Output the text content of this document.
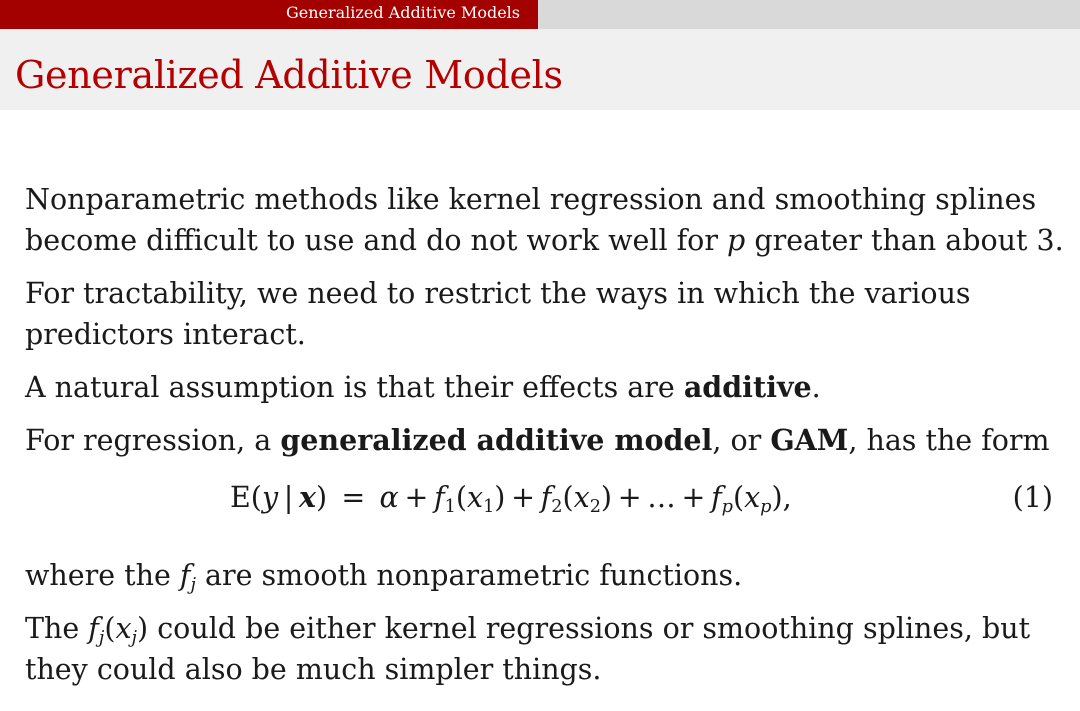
Generalized Additive Models
Generalized Additive Models

Nonparametric methods like kernel regression and smoothing splines

become difficult to use and do not work well for p greater than about 3.

For tractability, we need to restrict the ways in which the various

predictors interact.

A natural assumption is that their effects are additive.

For regression, a generalized additive model, or GAM, has the form

E(y | x) = $\alpha + f_1(x_1) + f_2(x_2)$ + … + $f_p(x_p)$,	(1)

where the $f_j$ are smooth nonparametric functions.

The $f_j(x_j)$ could be either kernel regressions or smoothing splines, but

they could also be much simpler things.
